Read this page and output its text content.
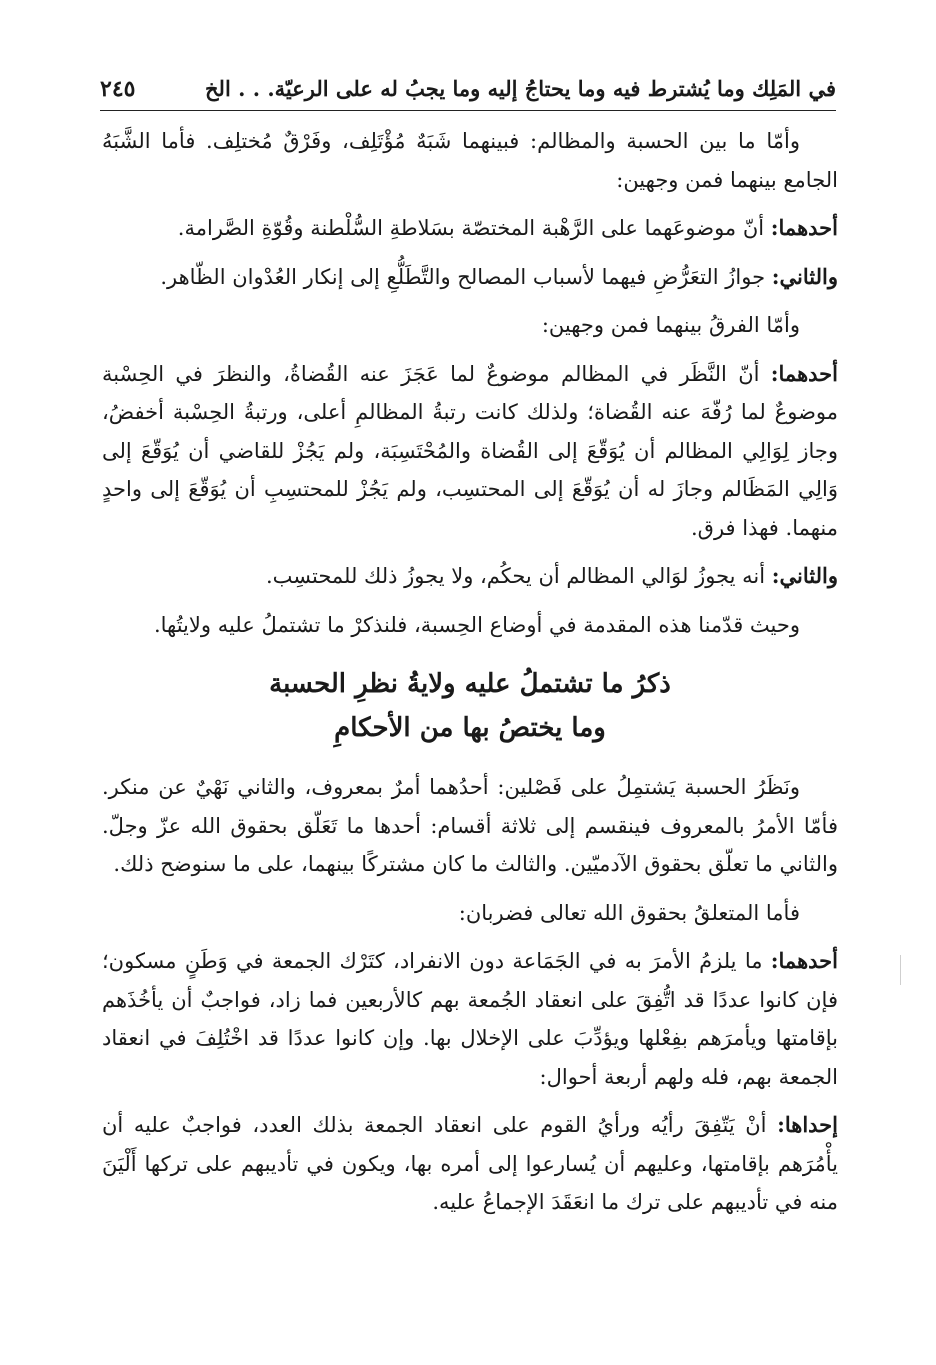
في المَلِك وما يُشترط فيه وما يحتاجُ إليه وما يجبُ له على الرعيّة. . . الخ
٢٤٥

وأمّا ما بين الحسبة والمظالم: فبينهما شَبَهٌ مُؤْتَلِف، وفَرْقٌ مُختلِف. فأما الشَّبَهُ الجامع بينهما فمن وجهين:

أحدهما: أنّ موضوعَهما على الرَّهْبة المختصّة بسَلاطةِ السُّلْطنة وقُوّةِ الصَّرامة.

والثاني: جوازُ التعَرُّضِ فيهما لأسباب المصالح والتَّطَلُّعِ إلى إنكار العُدْوان الظّاهر.

وأمّا الفرقُ بينهما فمن وجهين:

أحدهما: أنّ النَّظَر في المظالم موضوعٌ لما عَجَزَ عنه القُضاةُ، والنظرَ في الحِسْبة موضوعٌ لما رُفّهَ عنه القُضاة؛ ولذلك كانت رتبةُ المظالمِ أعلى، ورتبةُ الحِسْبة أخفضُ، وجاز لِوَالِي المظالم أن يُوَقّعَ إلى القُضاة والمُحْتَسِبَة، ولم يَجُزْ للقاضي أن يُوَقّعَ إلى وَالِي المَظَالم وجازَ له أن يُوَقّعَ إلى المحتسِب، ولم يَجُزْ للمحتسِبِ أن يُوَقّعَ إلى واحدٍ منهما. فهذا فرق.

والثاني: أنه يجوزُ لوَالي المظالم أن يحكُم، ولا يجوزُ ذلك للمحتسِب.

وحيث قدّمنا هذه المقدمة في أوضاع الحِسبة، فلنذكرْ ما تشتملُ عليه ولايتُها.

ذكرُ ما تشتملُ عليه ولايةُ نظرِ الحسبة
وما يختصُ بها من الأحكامِ

ونَظَرُ الحسبة يَشتمِلُ على فَصْلين: أحدُهما أمرٌ بمعروف، والثاني نَهْيٌ عن منكر. فأمّا الأمرُ بالمعروف فينقسم إلى ثلاثة أقسام: أحدها ما تَعَلّق بحقوق الله عزّ وجلّ. والثاني ما تعلّق بحقوق الآدميّين. والثالث ما كان مشتركًا بينهما، على ما سنوضح ذلك.

فأما المتعلقُ بحقوق الله تعالى فضربان:

أحدهما: ما يلزمُ الأمرَ به في الجَمَاعة دون الانفراد، كتَرْك الجمعة في وَطَنٍ مسكون؛ فإن كانوا عددًا قد اتُّفِقَ على انعقاد الجُمعة بهم كالأربعين فما زاد، فواجبٌ أن يأخُذَهم بإقامتها ويأمرَهم بفِعْلها ويؤدِّبَ على الإخلال بها. وإن كانوا عددًا قد اخْتُلِفَ في انعقاد الجمعة بهم، فله ولهم أربعة أحوال:

إحداها: أنْ يَتّفِقَ رأيُه ورأيُ القوم على انعقاد الجمعة بذلك العدد، فواجبٌ عليه أن يأْمُرَهم بإقامتها، وعليهم أن يُسارعوا إلى أمره بها، ويكون في تأديبهم على تركها أَلْيَنَ منه في تأديبهم على ترك ما انعَقَدَ الإجماعُ عليه.
